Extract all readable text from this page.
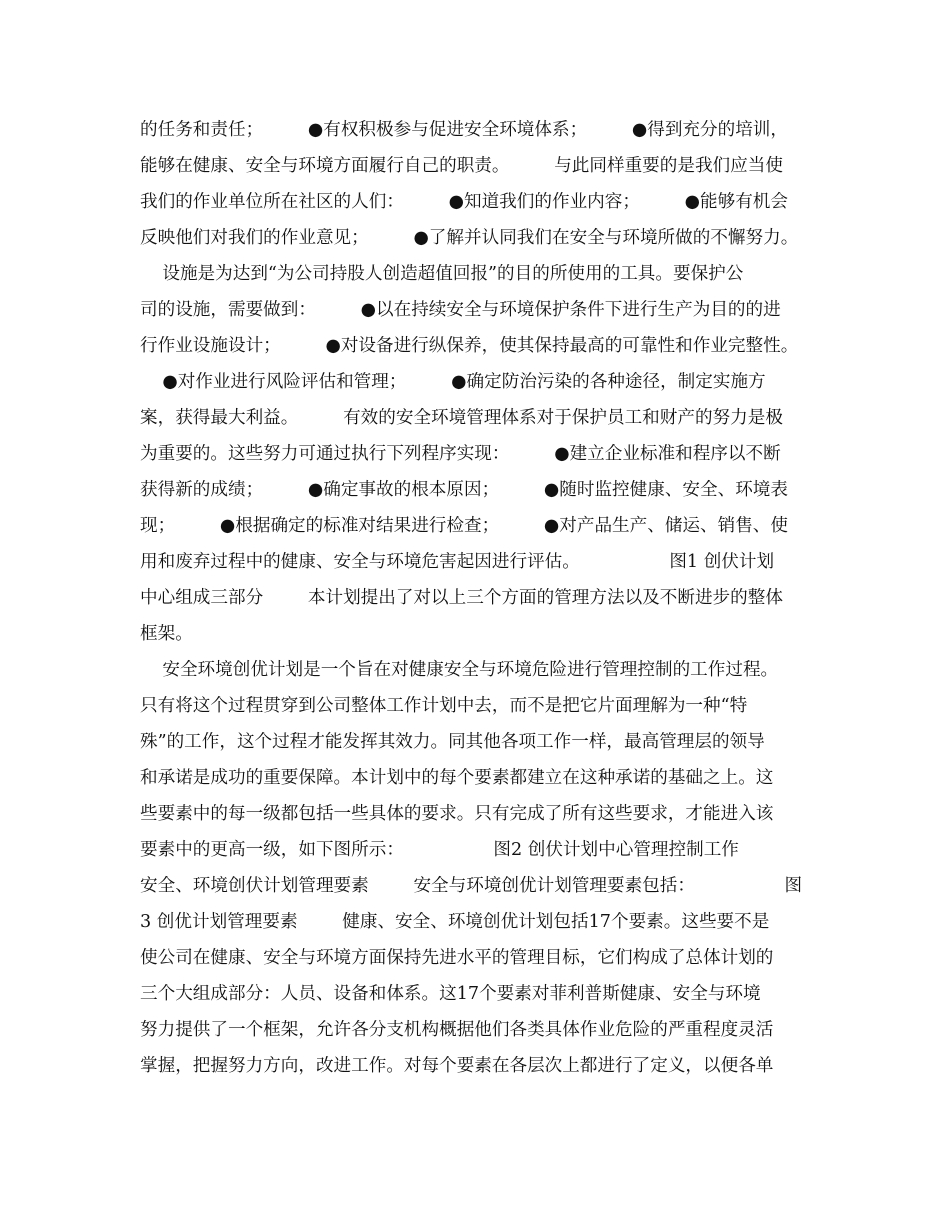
的任务和责任；        ●有权积极参与促进安全环境体系；        ●得到充分的培训，
能够在健康、安全与环境方面履行自己的职责。        与此同样重要的是我们应当使
我们的作业单位所在社区的人们：        ●知道我们的作业内容；        ●能够有机会
反映他们对我们的作业意见；        ●了解并认同我们在安全与环境所做的不懈努力。
设施是为达到“为公司持股人创造超值回报”的目的所使用的工具。要保护公
司的设施，需要做到：        ●以在持续安全与环境保护条件下进行生产为目的的进
行作业设施设计；        ●对设备进行纵保养，使其保持最高的可靠性和作业完整性。
●对作业进行风险评估和管理；        ●确定防治污染的各种途径，制定实施方
案，获得最大利益。        有效的安全环境管理体系对于保护员工和财产的努力是极
为重要的。这些努力可通过执行下列程序实现：        ●建立企业标准和程序以不断
获得新的成绩；        ●确定事故的根本原因；        ●随时监控健康、安全、环境表
现；        ●根据确定的标准对结果进行检查；        ●对产品生产、储运、销售、使
用和废弃过程中的健康、安全与环境危害起因进行评估。                图1 创伏计划
中心组成三部分        本计划提出了对以上三个方面的管理方法以及不断进步的整体
框架。
安全环境创优计划是一个旨在对健康安全与环境危险进行管理控制的工作过程。
只有将这个过程贯穿到公司整体工作计划中去，而不是把它片面理解为一种“特
殊”的工作，这个过程才能发挥其效力。同其他各项工作一样，最高管理层的领导
和承诺是成功的重要保障。本计划中的每个要素都建立在这种承诺的基础之上。这
些要素中的每一级都包括一些具体的要求。只有完成了所有这些要求，才能进入该
要素中的更高一级，如下图所示：                图2 创伏计划中心管理控制工作
安全、环境创伏计划管理要素        安全与环境创优计划管理要素包括：                图
3 创优计划管理要素        健康、安全、环境创优计划包括17个要素。这些要不是
使公司在健康、安全与环境方面保持先进水平的管理目标，它们构成了总体计划的
三个大组成部分：人员、设备和体系。这17个要素对菲利普斯健康、安全与环境
努力提供了一个框架，允许各分支机构概据他们各类具体作业危险的严重程度灵活
掌握，把握努力方向，改进工作。对每个要素在各层次上都进行了定义，以便各单
